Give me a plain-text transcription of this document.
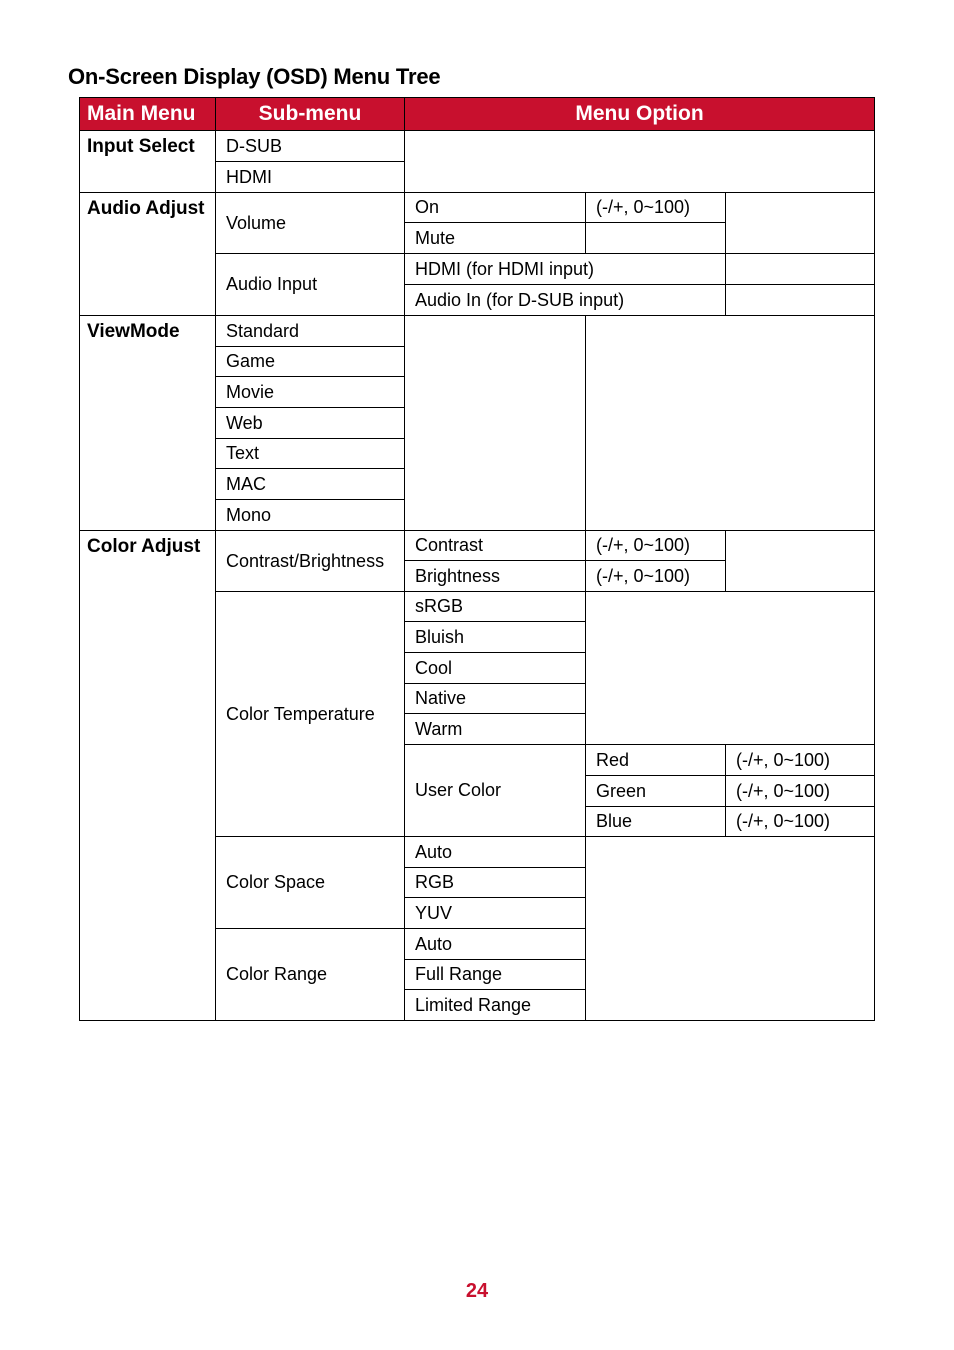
On-Screen Display (OSD) Menu Tree
Main Menu	Sub-menu	Menu Option		
Input Select	D-SUB			
	HDMI			
Audio Adjust	Volume	On	(-/+, 0~100)	
		Mute		
	Audio Input	HDMI (for HDMI input)		
		Audio In (for D-SUB input)		
ViewMode	Standard			
	Game			
	Movie			
	Web			
	Text			
	MAC			
	Mono			
Color Adjust	Contrast/Brightness	Contrast	(-/+, 0~100)	
		Brightness	(-/+, 0~100)	
	Color Temperature	sRGB		
		Bluish		
		Cool		
		Native		
		Warm		
		User Color	Red	(-/+, 0~100)
			Green	(-/+, 0~100)
			Blue	(-/+, 0~100)
	Color Space	Auto		
		RGB		
		YUV		
	Color Range	Auto		
		Full Range		
		Limited Range		
24
